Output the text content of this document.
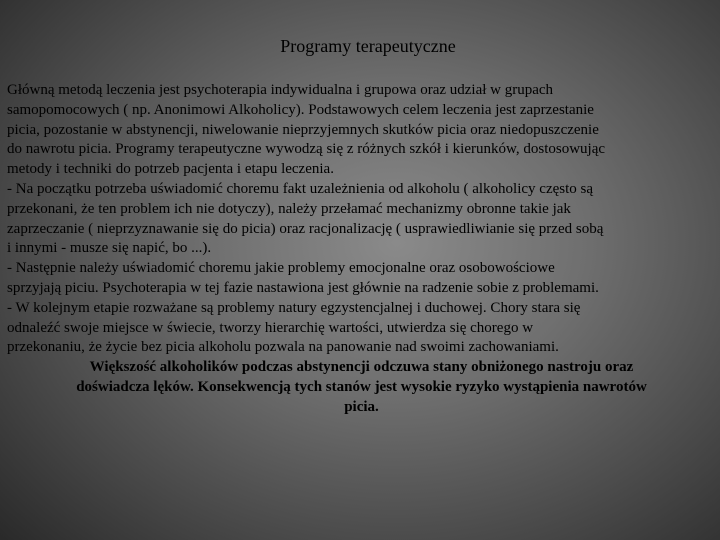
Programy terapeutyczne
Główną metodą leczenia jest psychoterapia indywidualna i grupowa oraz udział w grupach
samopomocowych ( np. Anonimowi Alkoholicy). Podstawowych celem leczenia jest zaprzestanie
picia, pozostanie w abstynencji, niwelowanie nieprzyjemnych skutków picia oraz niedopuszczenie
do nawrotu picia. Programy terapeutyczne wywodzą się z różnych szkół i kierunków, dostosowując
metody i techniki do potrzeb pacjenta i etapu leczenia.
- Na początku potrzeba uświadomić choremu fakt uzależnienia od alkoholu ( alkoholicy często są
przekonani, że ten problem ich nie dotyczy), należy przełamać mechanizmy obronne takie jak
zaprzeczanie ( nieprzyznawanie się do picia) oraz racjonalizację ( usprawiedliwianie się przed sobą
i innymi - musze się napić, bo ...).
- Następnie należy uświadomić choremu jakie problemy emocjonalne oraz osobowościowe
sprzyjają piciu. Psychoterapia w tej fazie nastawiona jest głównie na radzenie sobie z problemami.
- W kolejnym etapie rozważane są problemy natury egzystencjalnej i duchowej. Chory stara się
odnaleźć swoje miejsce w świecie, tworzy hierarchię wartości, utwierdza się chorego w
przekonaniu, że życie bez picia alkoholu pozwala na panowanie nad swoimi zachowaniami.
Większość alkoholików podczas abstynencji odczuwa stany obniżonego nastroju oraz
doświadcza lęków. Konsekwencją tych stanów jest wysokie ryzyko wystąpienia nawrotów
picia.
